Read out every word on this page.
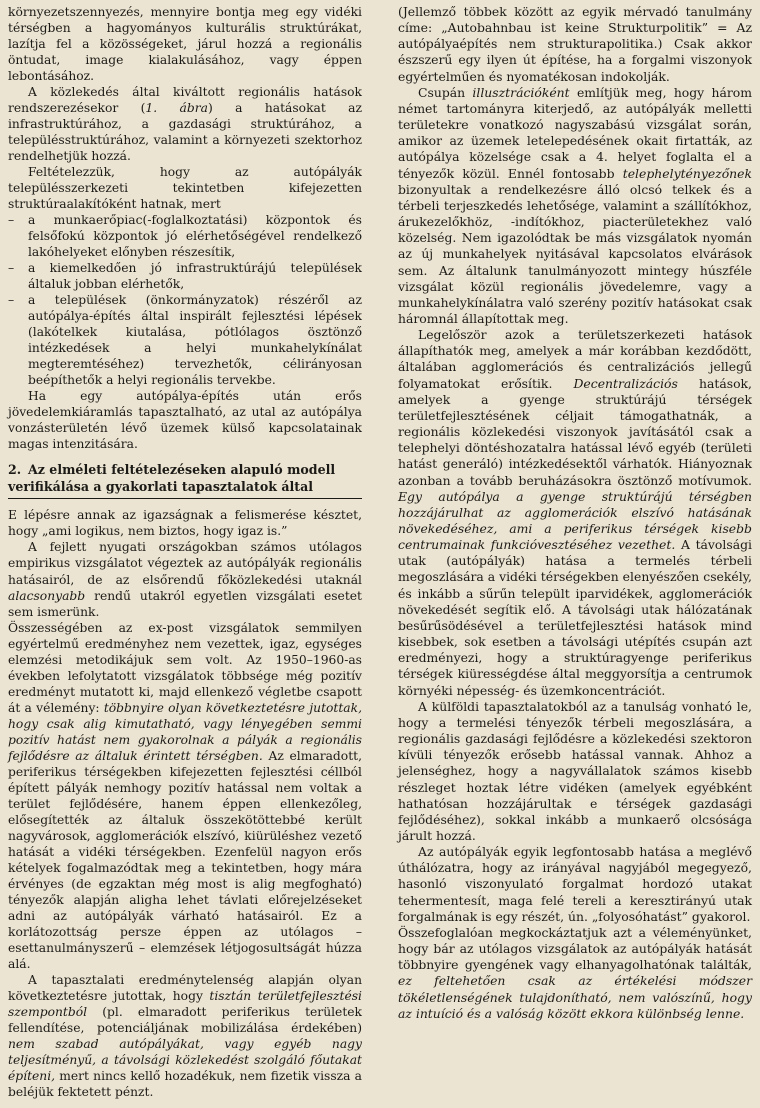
környezetszennyezés, mennyire bontja meg egy vidéki térségben a hagyományos kulturális struktúrákat, lazítja fel a közösségeket, járul hozzá a regionális öntudat, image kialakulásához, vagy éppen lebontásához.

A közlekedés által kiváltott regionális hatások rendszerezésekor (1. ábra) a hatásokat az infrastruktúrához, a gazdasági struktúrához, a településstruktúrához, valamint a környezeti szektorhoz rendelhetjük hozzá.

Feltételezzük, hogy az autópályák településszerkezeti tekintetben kifejezetten struktúraalakítóként hatnak, mert

– a munkaerőpiac(-foglalkoztatási) központok és felsőfokú központok jó elérhetőségével rendelkező lakóhelyeket előnyben részesítik,
– a kiemelkedően jó infrastruktúrájú települések általuk jobban elérhetők,
– a települések (önkormányzatok) részéről az autópálya-építés által inspirált fejlesztési lépések (lakótelkek kiutalása, pótlólagos ösztönző intézkedések a helyi munkahelykínálat megteremtéséhez) tervezhetők, célirányosan beépíthetők a helyi regionális tervekbe.

Ha egy autópálya-építés után erős jövedelemkiáramlás tapasztalható, az utal az autópálya vonzásterületén lévő üzemek külső kapcsolatainak magas intenzitására.

2. Az elméleti feltételezéseken alapuló modell verifikálása a gyakorlati tapasztalatok által

E lépésre annak az igazságnak a felismerése késztet, hogy „ami logikus, nem biztos, hogy igaz is.”

A fejlett nyugati országokban számos utólagos empirikus vizsgálatot végeztek az autópályák regionális hatásairól, de az elsőrendű főközlekedési utaknál alacsonyabb rendű utakról egyetlen vizsgálati esetet sem ismerünk.

Összességében az ex-post vizsgálatok semmilyen egyértelmű eredményhez nem vezettek, igaz, egységes elemzési metodikájuk sem volt. Az 1950–1960-as években lefolytatott vizsgálatok többsége még pozitív eredményt mutatott ki, majd ellenkező végletbe csapott át a vélemény: többnyire olyan következtetésre jutottak, hogy csak alig kimutatható, vagy lényegében semmi pozitív hatást nem gyakorolnak a pályák a regionális fejlődésre az általuk érintett térségben. Az elmaradott, periferikus térségekben kifejezetten fejlesztési céllból épített pályák nemhogy pozitív hatással nem voltak a terület fejlődésére, hanem éppen ellenkezőleg, elősegítették az általuk összekötöttebbé került nagyvárosok, agglomerációk elszívó, kiürüléshez vezető hatását a vidéki térségekben. Ezenfelül nagyon erős kételyek fogalmazódtak meg a tekintetben, hogy mára érvényes (de egzaktan még most is alig megfogható) tényezők alapján aligha lehet távlati előrejelzéseket adni az autópályák várható hatásairól. Ez a korlátozottság persze éppen az utólagos – esettanulmányszerű – elemzések létjogosultságát húzza alá.

A tapasztalati eredménytelenség alapján olyan következtetésre jutottak, hogy tisztán területfejlesztési szempontból (pl. elmaradott periferikus területek fellendítése, potenciáljának mobilizálása érdekében) nem szabad autópályákat, vagy egyéb nagy teljesítményű, a távolsági közlekedést szolgáló főutakat építeni, mert nincs kellő hozadékuk, nem fizetik vissza a beléjük fektetett pénzt.

(Jellemző többek között az egyik mérvadó tanulmány címe: „Autobahnbau ist keine Strukturpolitik” = Az autópályaépítés nem strukturapolitika.) Csak akkor észszerű egy ilyen út építése, ha a forgalmi viszonyok egyértelműen és nyomatékosan indokolják.

Csupán illusztrációként említjük meg, hogy három német tartományra kiterjedő, az autópályák melletti területekre vonatkozó nagyszabású vizsgálat során, amikor az üzemek letelepedésének okait firtatták, az autópálya közelsége csak a 4. helyet foglalta el a tényezők közül. Ennél fontosabb telephelytényezőnek bizonyultak a rendelkezésre álló olcsó telkek és a térbeli terjeszkedés lehetősége, valamint a szállítókhoz, árukezelőkhöz, -indítókhoz, piacterületekhez való közelség. Nem igazolódtak be más vizsgálatok nyomán az új munkahelyek nyitásával kapcsolatos elvárások sem. Az általunk tanulmányozott mintegy húszféle vizsgálat közül regionális jövedelemre, vagy a munkahelykínálatra való szerény pozitív hatásokat csak háromnál állapítottak meg.

Legelőször azok a területszerkezeti hatások állapíthatók meg, amelyek a már korábban kezdődött, általában agglomerációs és centralizációs jellegű folyamatokat erősítik. Decentralizációs hatások, amelyek a gyenge struktúrájú térségek területfejlesztésének céljait támogathatnák, a regionális közlekedési viszonyok javításától csak a telephelyi döntéshozatalra hatással lévő egyéb (területi hatást generáló) intézkedésektől várhatók. Hiányoznak azonban a tovább beruházásokra ösztönző motívumok. Egy autópálya a gyenge struktúrájú térségben hozzájárulhat az agglomerációk elszívó hatásának növekedéséhez, ami a periferikus térségek kisebb centrumainak funkcióvesztéséhez vezethet. A távolsági utak (autópályák) hatása a termelés térbeli megoszlására a vidéki térségekben elenyészően csekély, és inkább a sűrűn települt iparvidékek, agglomerációk növekedését segítik elő. A távolsági utak hálózatának besűrűsödésével a területfejlesztési hatások mind kisebbek, sok esetben a távolsági utépítés csupán azt eredményezi, hogy a struktúragyenge periferikus térségek kiürességdése által meggyorsítja a centrumok környéki népesség- és üzemkoncentrációt.

A külföldi tapasztalatokból az a tanulság vonható le, hogy a termelési tényezők térbeli megoszlására, a regionális gazdasági fejlődésre a közlekedési szektoron kívüli tényezők erősebb hatással vannak. Ahhoz a jelenséghez, hogy a nagyvállalatok számos kisebb részleget hoztak létre vidéken (amelyek egyébként hathatósan hozzájárultak e térségek gazdasági fejlődéséhez), sokkal inkább a munkaerő olcsósága járult hozzá.

Az autópályák egyik legfontosabb hatása a meglévő úthálózatra, hogy az irányával nagyjából megegyező, hasonló viszonyulató forgalmat hordozó utakat tehermentesít, maga felé tereli a keresztirányú utak forgalmának is egy részét, ún. „folyosóhatást” gyakorol.

Összefoglalóan megkockáztatjuk azt a véleményünket, hogy bár az utólagos vizsgálatok az autópályák hatását többnyire gyengének vagy elhanyagolhatónak találták, ez feltehetően csak az értékelési módszer tökéletlenségének tulajdonítható, nem valószínű, hogy az intuíció és a valóság között ekkora különbség lenne.
